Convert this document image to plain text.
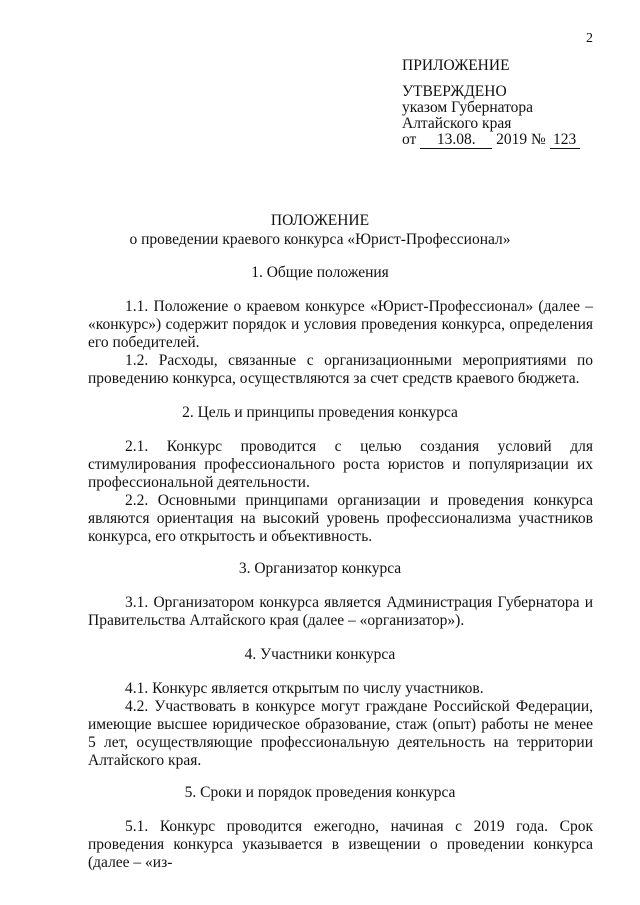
2
ПРИЛОЖЕНИЕ
УТВЕРЖДЕНО
указом Губернатора
Алтайского края
от 13.08. 2019 № 123
ПОЛОЖЕНИЕ
о проведении краевого конкурса «Юрист-Профессионал»
1. Общие положения
1.1. Положение о краевом конкурсе «Юрист-Профессионал» (далее – «конкурс») содержит порядок и условия проведения конкурса, определения его победителей.
1.2. Расходы, связанные с организационными мероприятиями по проведению конкурса, осуществляются за счет средств краевого бюджета.
2. Цель и принципы проведения конкурса
2.1. Конкурс проводится с целью создания условий для стимулирования профессионального роста юристов и популяризации их профессиональной деятельности.
2.2. Основными принципами организации и проведения конкурса являются ориентация на высокий уровень профессионализма участников конкурса, его открытость и объективность.
3. Организатор конкурса
3.1. Организатором конкурса является Администрация Губернатора и Правительства Алтайского края (далее – «организатор»).
4. Участники конкурса
4.1. Конкурс является открытым по числу участников.
4.2. Участвовать в конкурсе могут граждане Российской Федерации, имеющие высшее юридическое образование, стаж (опыт) работы не менее 5 лет, осуществляющие профессиональную деятельность на территории Алтайского края.
5. Сроки и порядок проведения конкурса
5.1. Конкурс проводится ежегодно, начиная с 2019 года. Срок проведения конкурса указывается в извещении о проведении конкурса (далее – «из-
